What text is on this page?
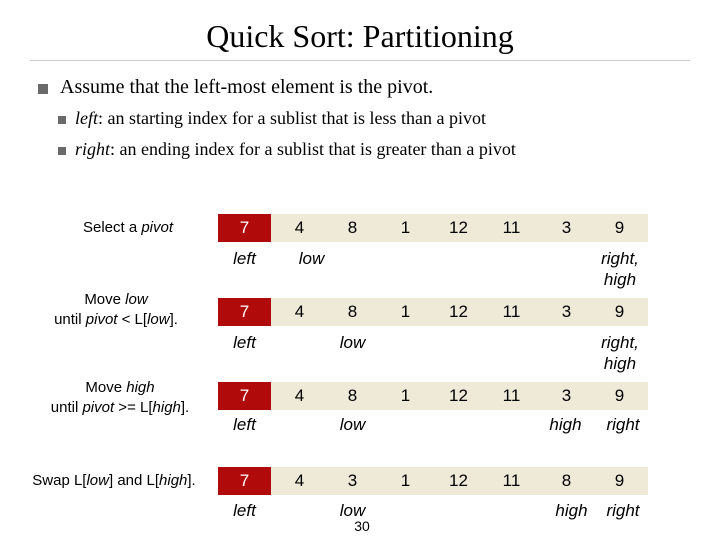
Quick Sort: Partitioning
Assume that the left-most element is the pivot.
left: an starting index for a sublist that is less than a pivot
right: an ending index for a sublist that is greater than a pivot
Select a pivot
Move low
until pivot < L[low].
Move high
until pivot >= L[high].
Swap L[low] and L[high].
7	4	8	1	12	11	3	9
7	4	8	1	12	11	3	9
7	4	8	1	12	11	3	9
7	4	3	1	12	11	8	9
left	low	right,
high
left	low	right,
high
left	low	high	right
left	low	high	right
30
